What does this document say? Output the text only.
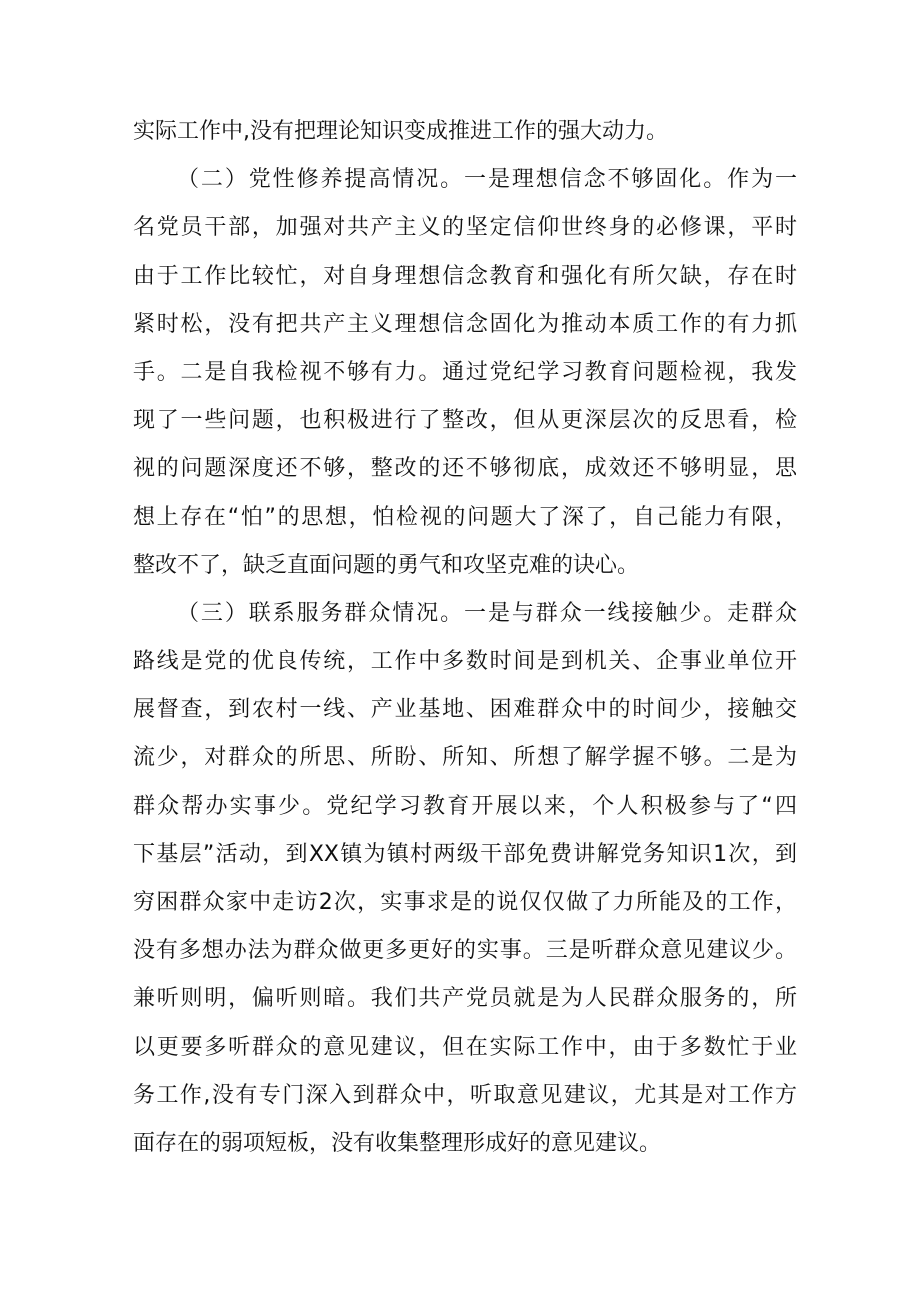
实际工作中,没有把理论知识变成推进工作的强大动力。
（二）党性修养提高情况。一是理想信念不够固化。作为一
名党员干部，加强对共产主义的坚定信仰世终身的必修课，平时
由于工作比较忙，对自身理想信念教育和强化有所欠缺，存在时
紧时松，没有把共产主义理想信念固化为推动本质工作的有力抓
手。二是自我检视不够有力。通过党纪学习教育问题检视，我发
现了一些问题，也积极进行了整改，但从更深层次的反思看，检
视的问题深度还不够，整改的还不够彻底，成效还不够明显，思
想上存在“怕”的思想，怕检视的问题大了深了，自己能力有限，
整改不了，缺乏直面问题的勇气和攻坚克难的诀心。
（三）联系服务群众情况。一是与群众一线接触少。走群众
路线是党的优良传统，工作中多数时间是到机关、企事业单位开
展督查，到农村一线、产业基地、困难群众中的时间少，接触交
流少，对群众的所思、所盼、所知、所想了解学握不够。二是为
群众帮办实事少。党纪学习教育开展以来，个人积极参与了“四
下基层”活动，到XX镇为镇村两级干部免费讲解党务知识1次，到
穷困群众家中走访2次，实事求是的说仅仅做了力所能及的工作，
没有多想办法为群众做更多更好的实事。三是听群众意见建议少。
兼听则明，偏听则暗。我们共产党员就是为人民群众服务的，所
以更要多听群众的意见建议，但在实际工作中，由于多数忙于业
务工作,没有专门深入到群众中，听取意见建议，尤其是对工作方
面存在的弱项短板，没有收集整理形成好的意见建议。
